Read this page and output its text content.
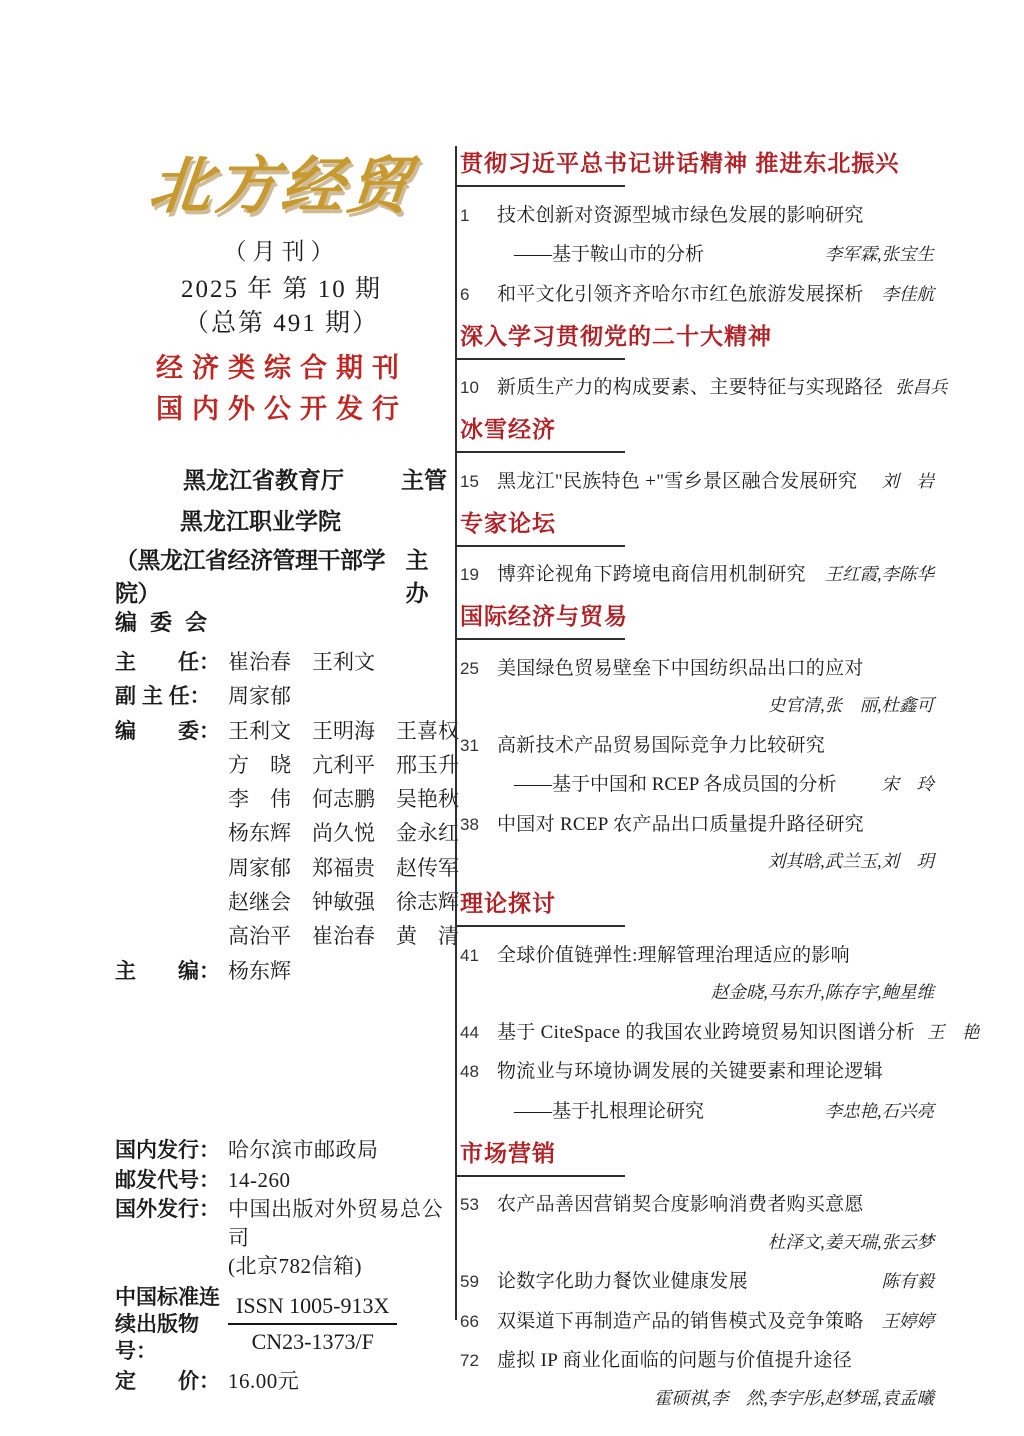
北方经贸
（月刊）
2025 年 第 10 期
（总第 491 期）
经济类综合期刊
国内外公开发行
黑龙江省教育厅 主管
黑龙江职业学院
（黑龙江省经济管理干部学院）
主办
编委会
主　　任： 崔治春　王利文
副 主 任： 周家郁
编　　委： 王利文　王明海　王喜权
方　晓　亢利平　邢玉升
李　伟　何志鹏　吴艳秋
杨东辉　尚久悦　金永红
周家郁　郑福贵　赵传军
赵继会　钟敏强　徐志辉
高治平　崔治春　黄　清
主　　编： 杨东辉
国内发行： 哈尔滨市邮政局
邮发代号： 14-260
国外发行： 中国出版对外贸易总公司
(北京782信箱)
中国标准连
续出版物号：	$\frac{\text{ISSN 1005-913X}}{CN23-1373/F}$
定　　价： 16.00元
贯彻习近平总书记讲话精神 推进东北振兴
1	技术创新对资源型城市绿色发展的影响研究
——基于鞍山市的分析	李军霖,张宝生
6	和平文化引领齐齐哈尔市红色旅游发展探析	李佳航
深入学习贯彻党的二十大精神
10 新质生产力的构成要素、主要特征与实现路径 张昌兵
冰雪经济
15 黑龙江"民族特色 +"雪乡景区融合发展研究	刘　岩
专家论坛
19 博弈论视角下跨境电商信用机制研究	王红霞,李陈华
国际经济与贸易
25 美国绿色贸易壁垒下中国纺织品出口的应对
史官清,张　丽,杜鑫可
31 高新技术产品贸易国际竞争力比较研究
——基于中国和 RCEP 各成员国的分析	宋　玲
38 中国对 RCEP 农产品出口质量提升路径研究
刘其晗,武兰玉,刘　玥
理论探讨
41 全球价值链弹性:理解管理治理适应的影响
赵金晓,马东升,陈存宇,鲍星维
44 基于 CiteSpace 的我国农业跨境贸易知识图谱分析 王　艳
48 物流业与环境协调发展的关键要素和理论逻辑
——基于扎根理论研究	李忠艳,石兴亮
市场营销
53 农产品善因营销契合度影响消费者购买意愿
杜泽文,姜天瑞,张云梦
59 论数字化助力餐饮业健康发展	陈有毅
66 双渠道下再制造产品的销售模式及竞争策略	王婷婷
72 虚拟 IP 商业化面临的问题与价值提升途径
霍硕祺,李　然,李宇彤,赵梦瑶,袁孟曦
